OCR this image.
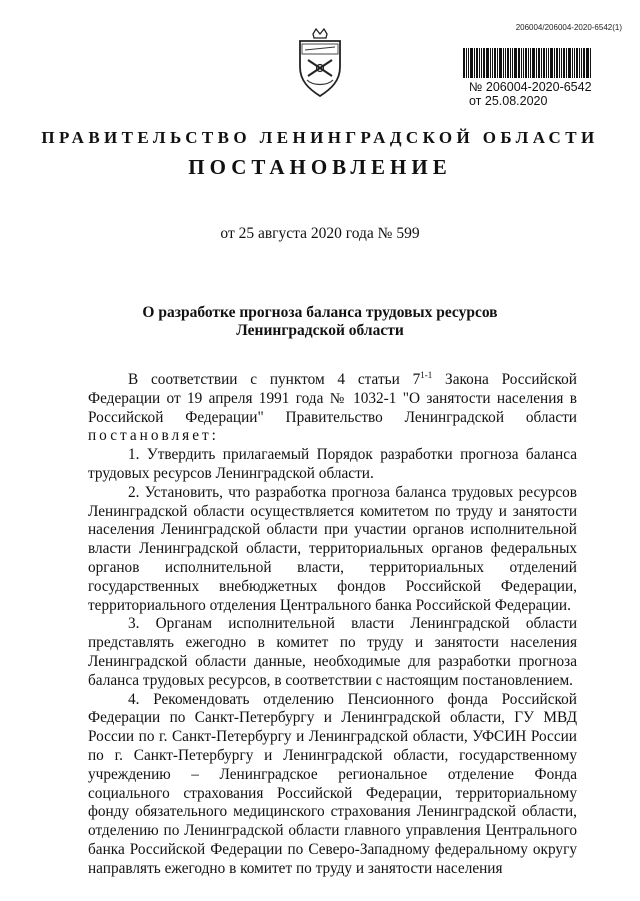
206004/206004-2020-6542(1)
№ 206004-2020-6542
от 25.08.2020
ПРАВИТЕЛЬСТВО ЛЕНИНГРАДСКОЙ ОБЛАСТИ
ПОСТАНОВЛЕНИЕ
от 25 августа 2020 года № 599
О разработке прогноза баланса трудовых ресурсов
Ленинградской области

В соответствии с пунктом 4 статьи 7$^{1-1}$ Закона Российской Федерации от 19 апреля 1991 года № 1032-1 "О занятости населения в Российской Федерации" Правительство Ленинградской области постановляет:

1. Утвердить прилагаемый Порядок разработки прогноза баланса трудовых ресурсов Ленинградской области.

2. Установить, что разработка прогноза баланса трудовых ресурсов Ленинградской области осуществляется комитетом по труду и занятости населения Ленинградской области при участии органов исполнительной власти Ленинградской области, территориальных органов федеральных органов исполнительной власти, территориальных отделений государственных внебюджетных фондов Российской Федерации, территориального отделения Центрального банка Российской Федерации.

3. Органам исполнительной власти Ленинградской области представлять ежегодно в комитет по труду и занятости населения Ленинградской области данные, необходимые для разработки прогноза баланса трудовых ресурсов, в соответствии с настоящим постановлением.

4. Рекомендовать отделению Пенсионного фонда Российской Федерации по Санкт-Петербургу и Ленинградской области, ГУ МВД России по г. Санкт-Петербургу и Ленинградской области, УФСИН России по г. Санкт-Петербургу и Ленинградской области, государственному учреждению – Ленинградское региональное отделение Фонда социального страхования Российской Федерации, территориальному фонду обязательного медицинского страхования Ленинградской области, отделению по Ленинградской области главного управления Центрального банка Российской Федерации по Северо-Западному федеральному округу направлять ежегодно в комитет по труду и занятости населения
